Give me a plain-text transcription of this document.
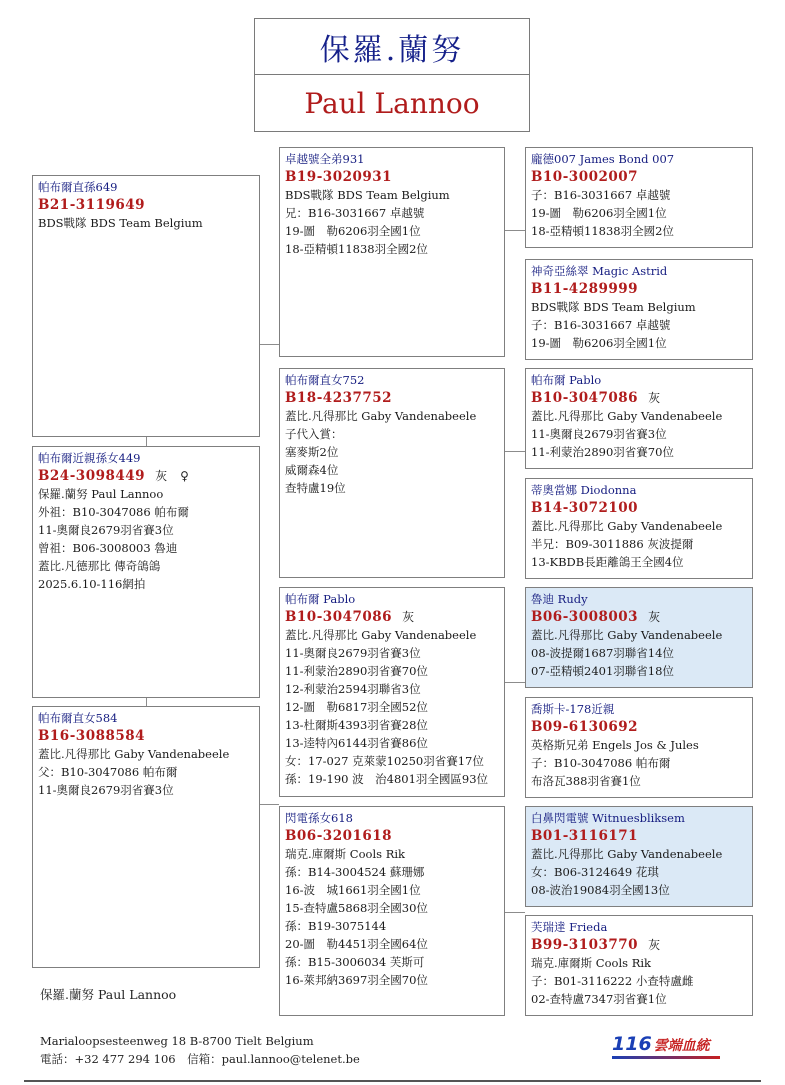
保羅.蘭努
Paul Lannoo
帕布爾直孫649
B21-3119649
BDS戰隊 BDS Team Belgium
帕布爾近親孫女449
B24-3098449 灰　♀
保羅.蘭努 Paul Lannoo
外祖：B10-3047086 帕布爾
11-奧爾良2679羽省賽3位
曾祖：B06-3008003 魯迪
蓋比.凡德那比 傳奇鴿鴿
2025.6.10-116網拍
帕布爾直女584
B16-3088584
蓋比.凡得那比 Gaby Vandenabeele
父：B10-3047086 帕布爾
11-奧爾良2679羽省賽3位
卓越號全弟931
B19-3020931
BDS戰隊 BDS Team Belgium
兄：B16-3031667 卓越號
19-圖　勒6206羽全國1位
18-亞精頓11838羽全國2位
帕布爾直女752
B18-4237752
蓋比.凡得那比 Gaby Vandenabeele
子代入賞：
塞麥斯2位
威爾森4位
查特盧19位
帕布爾 Pablo
B10-3047086 灰
蓋比.凡得那比 Gaby Vandenabeele
11-奧爾良2679羽省賽3位
11-利蒙治2890羽省賽70位
12-利蒙治2594羽聯省3位
12-圖　勒6817羽全國52位
13-杜爾斯4393羽省賽28位
13-逵特內6144羽省賽86位
女：17-027 克萊蒙10250羽省賽17位
孫：19-190 波　治4801羽全國區93位
閃電孫女618
B06-3201618
瑞克.庫爾斯 Cools Rik
孫：B14-3004524 蘇珊娜
16-波　城1661羽全國1位
15-查特盧5868羽全國30位
孫：B19-3075144
20-圖　勒4451羽全國64位
孫：B15-3006034 芙斯可
16-萊邦納3697羽全國70位
龐德007 James Bond 007
B10-3002007
子：B16-3031667 卓越號
19-圖　勒6206羽全國1位
18-亞精頓11838羽全國2位
神奇亞絲翠 Magic Astrid
B11-4289999
BDS戰隊 BDS Team Belgium
子：B16-3031667 卓越號
19-圖　勒6206羽全國1位
帕布爾 Pablo
B10-3047086 灰
蓋比.凡得那比 Gaby Vandenabeele
11-奧爾良2679羽省賽3位
11-利蒙治2890羽省賽70位
蒂奧當娜 Diodonna
B14-3072100
蓋比.凡得那比 Gaby Vandenabeele
半兄：B09-3011886 灰波提爾
13-KBDB長距離鴿王全國4位
魯迪 Rudy
B06-3008003 灰
蓋比.凡得那比 Gaby Vandenabeele
08-波提爾1687羽聯省14位
07-亞精頓2401羽聯省18位
喬斯卡-178近親
B09-6130692
英格斯兄弟 Engels Jos & Jules
子：B10-3047086 帕布爾
布洛瓦388羽省賽1位
白鼻閃電號 Witnuesbliksem
B01-3116171
蓋比.凡得那比 Gaby Vandenabeele
女：B06-3124649 花琪
08-波治19084羽全國13位
芙瑞達 Frieda
B99-3103770 灰
瑞克.庫爾斯 Cools Rik
子：B01-3116222 小查特盧雌
02-查特盧7347羽省賽1位
保羅.蘭努 Paul Lannoo
Marialoopsesteenweg 18 B-8700 Tielt Belgium
電話：+32 477 294 106　信箱：paul.lannoo@telenet.be
116 雲端血統
